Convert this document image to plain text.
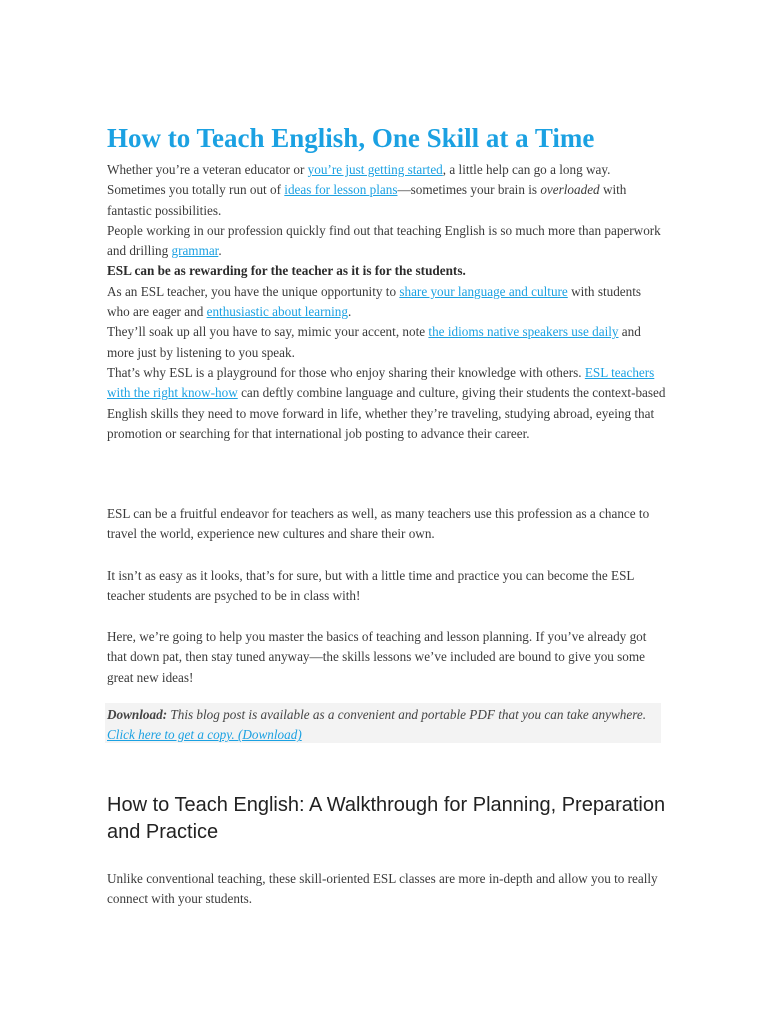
How to Teach English, One Skill at a Time

Whether you’re a veteran educator or you’re just getting started, a little help can go a long way.

Sometimes you totally run out of ideas for lesson plans—sometimes your brain is overloaded with fantastic possibilities.

People working in our profession quickly find out that teaching English is so much more than paperwork and drilling grammar.

ESL can be as rewarding for the teacher as it is for the students.

As an ESL teacher, you have the unique opportunity to share your language and culture with students who are eager and enthusiastic about learning.

They’ll soak up all you have to say, mimic your accent, note the idioms native speakers use daily and more just by listening to you speak.

That’s why ESL is a playground for those who enjoy sharing their knowledge with others. ESL teachers with the right know-how can deftly combine language and culture, giving their students the context-based English skills they need to move forward in life, whether they’re traveling, studying abroad, eyeing that promotion or searching for that international job posting to advance their career.

ESL can be a fruitful endeavor for teachers as well, as many teachers use this profession as a chance to travel the world, experience new cultures and share their own.

It isn’t as easy as it looks, that’s for sure, but with a little time and practice you can become the ESL teacher students are psyched to be in class with!

Here, we’re going to help you master the basics of teaching and lesson planning. If you’ve already got that down pat, then stay tuned anyway—the skills lessons we’ve included are bound to give you some great new ideas!

Download: This blog post is available as a convenient and portable PDF that you can take anywhere. Click here to get a copy. (Download)
How to Teach English: A Walkthrough for Planning, Preparation and Practice

Unlike conventional teaching, these skill-oriented ESL classes are more in-depth and allow you to really connect with your students.
